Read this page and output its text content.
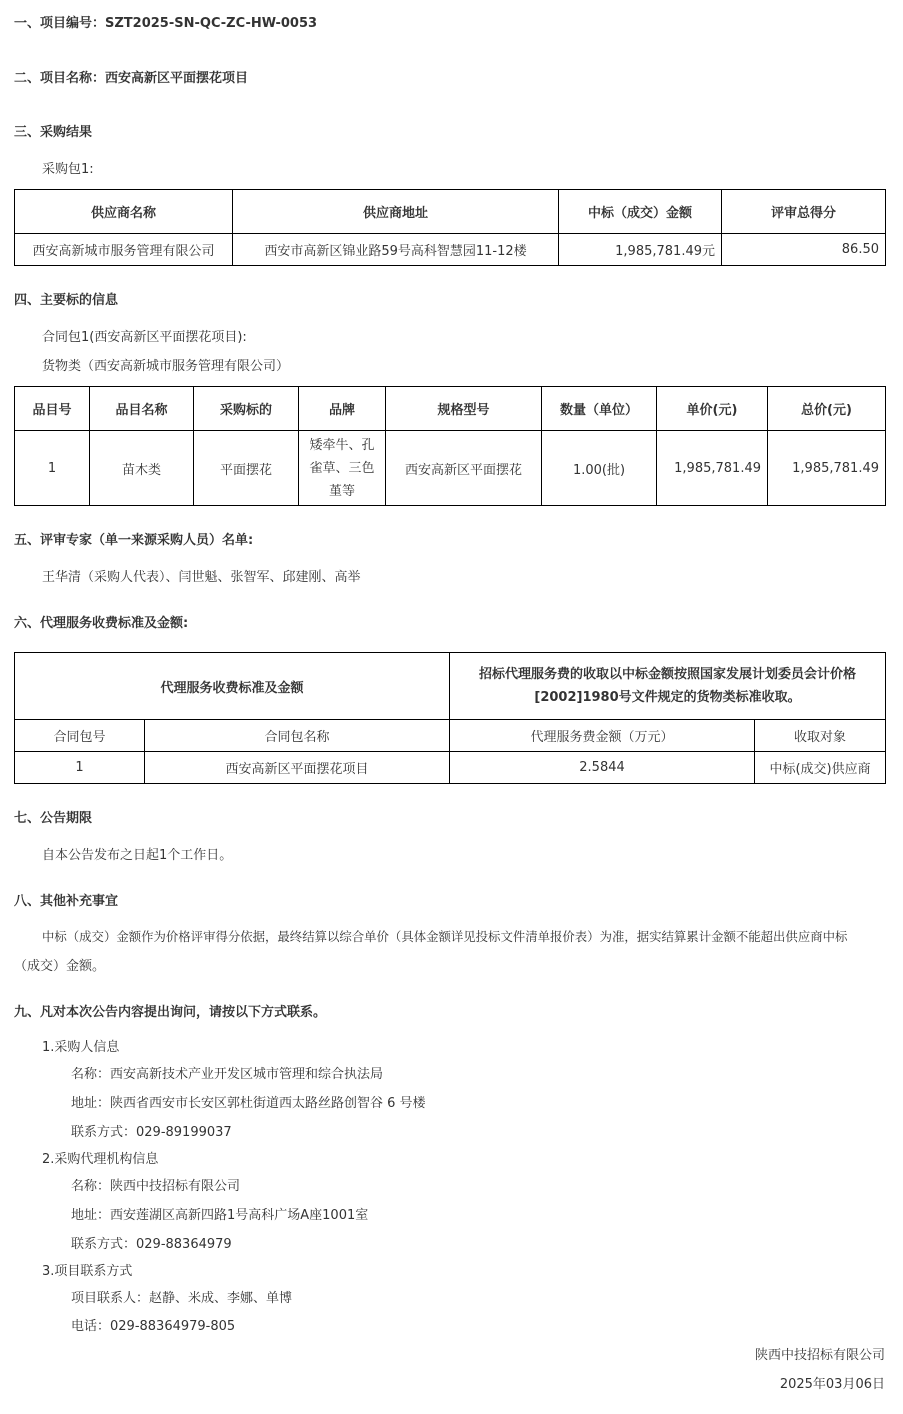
一、项目编号：SZT2025-SN-QC-ZC-HW-0053
二、项目名称：西安高新区平面摆花项目
三、采购结果
采购包1:
供应商名称	供应商地址	中标（成交）金额	评审总得分
西安高新城市服务管理有限公司	西安市高新区锦业路59号高科智慧园11-12楼	1,985,781.49元	86.50
四、主要标的信息
合同包1(西安高新区平面摆花项目):
货物类（西安高新城市服务管理有限公司）
品目号	品目名称	采购标的	品牌	规格型号	数量（单位）	单价(元)	总价(元)
1	苗木类	平面摆花	矮牵牛、孔雀草、三色堇等	西安高新区平面摆花	1.00(批)	1,985,781.49	1,985,781.49
五、评审专家（单一来源采购人员）名单:
王华清（采购人代表）、闫世魁、张智军、邱建刚、高举
六、代理服务收费标准及金额:
代理服务收费标准及金额		招标代理服务费的收取以中标金额按照国家发展计划委员会计价格[2002]1980号文件规定的货物类标准收取。	
合同包号	合同包名称	代理服务费金额（万元）	收取对象
1	西安高新区平面摆花项目	2.5844	中标(成交)供应商
七、公告期限
自本公告发布之日起1个工作日。
八、其他补充事宜
中标（成交）金额作为价格评审得分依据，最终结算以综合单价（具体金额详见投标文件清单报价表）为准，据实结算累计金额不能超出供应商中标
（成交）金额。
九、凡对本次公告内容提出询问，请按以下方式联系。
1.采购人信息
名称：西安高新技术产业开发区城市管理和综合执法局
地址：陕西省西安市长安区郭杜街道西太路丝路创智谷 6 号楼
联系方式：029-89199037
2.采购代理机构信息
名称：陕西中技招标有限公司
地址：西安莲湖区高新四路1号高科广场A座1001室
联系方式：029-88364979
3.项目联系方式
项目联系人：赵静、米成、李娜、单博
电话：029-88364979-805
陕西中技招标有限公司
2025年03月06日
